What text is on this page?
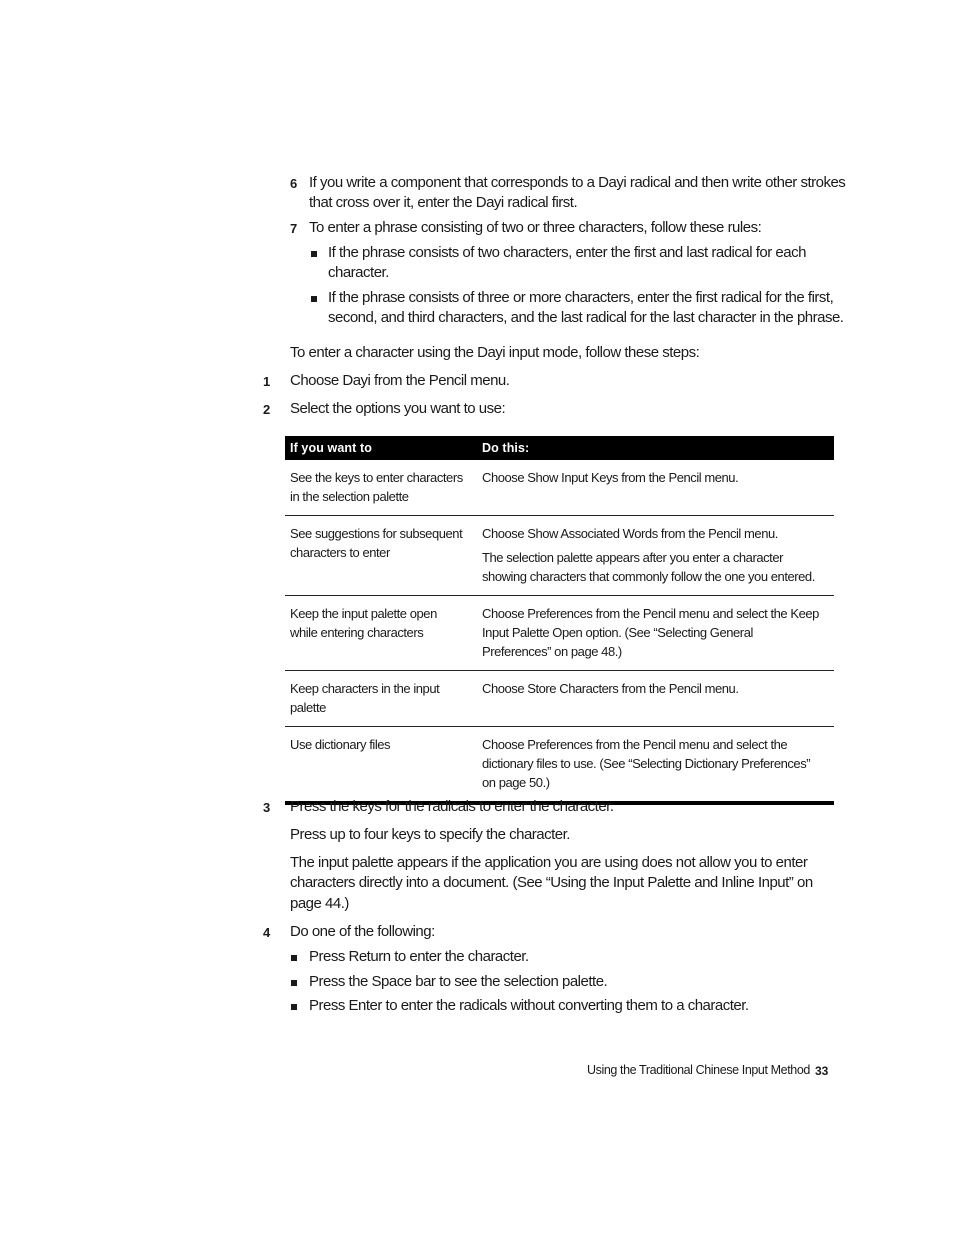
6 If you write a component that corresponds to a Dayi radical and then write other strokes
that cross over it, enter the Dayi radical first.
7 To enter a phrase consisting of two or three characters, follow these rules:
If the phrase consists of two characters, enter the first and last radical for each
character.
If the phrase consists of three or more characters, enter the first radical for the first,
second, and third characters, and the last radical for the last character in the phrase.
To enter a character using the Dayi input mode, follow these steps:
1 Choose Dayi from the Pencil menu.
2 Select the options you want to use:
If you want to	Do this:
See the keys to enter characters
in the selection palette	Choose Show Input Keys from the Pencil menu.
See suggestions for subsequent
characters to enter	Choose Show Associated Words from the Pencil menu.
The selection palette appears after you enter a character
showing characters that commonly follow the one you entered.

Keep the input palette open
while entering characters	Choose Preferences from the Pencil menu and select the Keep
Input Palette Open option. (See “Selecting General
Preferences” on page 48.)
Keep characters in the input
palette	Choose Store Characters from the Pencil menu.
Use dictionary files	Choose Preferences from the Pencil menu and select the
dictionary files to use. (See “Selecting Dictionary Preferences”
on page 50.)
3 Press the keys for the radicals to enter the character.
Press up to four keys to specify the character.
The input palette appears if the application you are using does not allow you to enter
characters directly into a document. (See “Using the Input Palette and Inline Input” on
page 44.)
4 Do one of the following:
Press Return to enter the character.
Press the Space bar to see the selection palette.
Press Enter to enter the radicals without converting them to a character.
Using the Traditional Chinese Input Method 33
